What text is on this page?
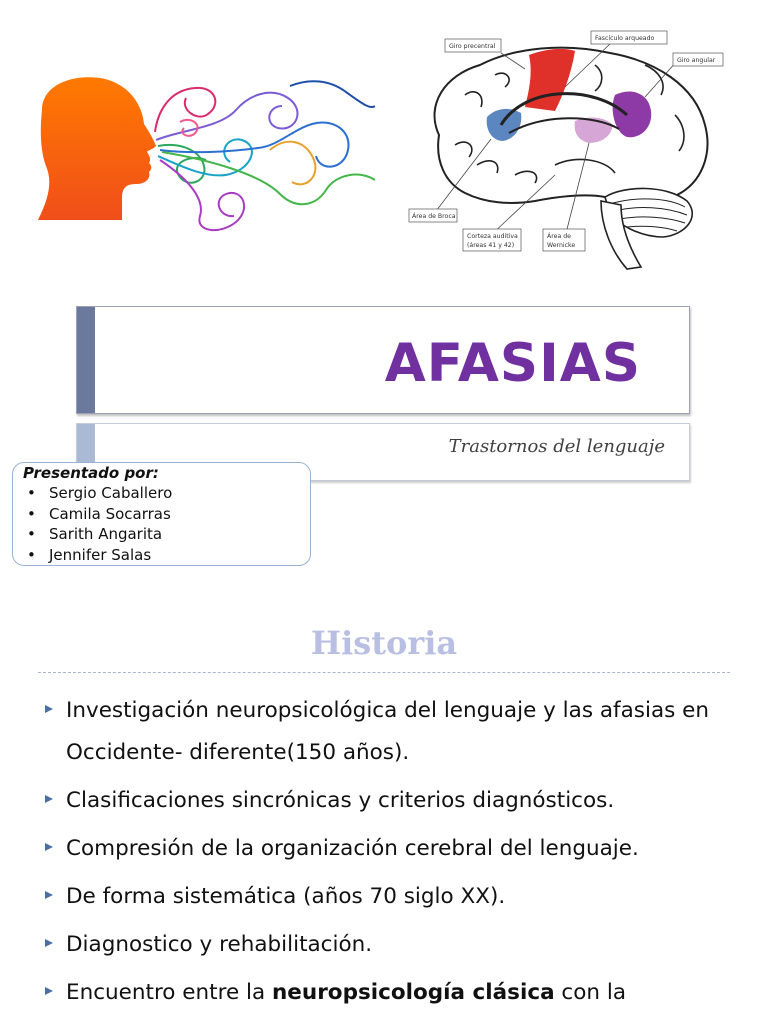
Giro precentral
Fascículo arqueado
Giro angular
Área de Broca
Corteza auditiva
(áreas 41 y 42)
Área de
Wernicke
AFASIAS
Trastornos del lenguaje
Presentado por:
• Sergio Caballero
• Camila Socarras
• Sarith Angarita
• Jennifer Salas
Historia
Investigación neuropsicológica del lenguaje y las afasias en Occidente- diferente(150 años).
Clasificaciones sincrónicas y criterios diagnósticos.
Compresión de la organización cerebral del lenguaje.
De forma sistemática (años 70 siglo XX).
Diagnostico y rehabilitación.
Encuentro entre la neuropsicología clásica con la
